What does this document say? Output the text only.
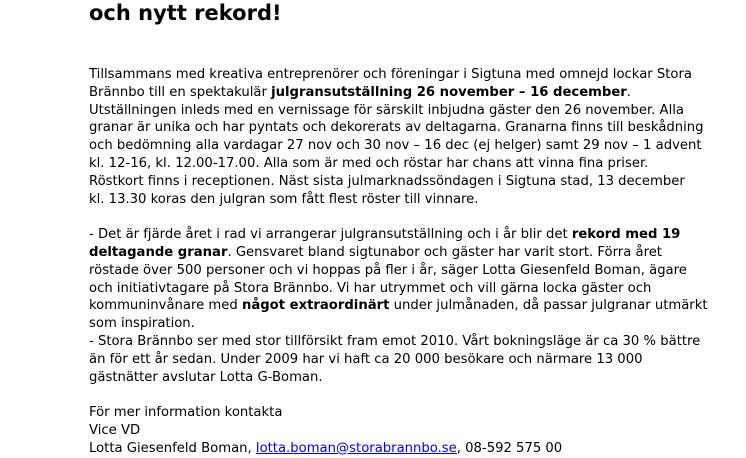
och nytt rekord!

Tillsammans med kreativa entreprenörer och föreningar i Sigtuna med omnejd lockar Stora
Brännbo till en spektakulär julgransutställning 26 november – 16 december.
Utställningen inleds med en vernissage för särskilt inbjudna gäster den 26 november. Alla
granar är unika och har pyntats och dekorerats av deltagarna. Granarna finns till beskådning
och bedömning alla vardagar 27 nov och 30 nov – 16 dec (ej helger) samt 29 nov – 1 advent
kl. 12-16, kl. 12.00-17.00. Alla som är med och röstar har chans att vinna fina priser.
Röstkort finns i receptionen. Näst sista julmarknadssöndagen i Sigtuna stad, 13 december
kl. 13.30 koras den julgran som fått flest röster till vinnare.

- Det är fjärde året i rad vi arrangerar julgransutställning och i år blir det rekord med 19
deltagande granar. Gensvaret bland sigtunabor och gäster har varit stort. Förra året
röstade över 500 personer och vi hoppas på fler i år, säger Lotta Giesenfeld Boman, ägare
och initiativtagare på Stora Brännbo. Vi har utrymmet och vill gärna locka gäster och
kommuninvånare med något extraordinärt under julmånaden, då passar julgranar utmärkt
som inspiration.
- Stora Brännbo ser med stor tillförsikt fram emot 2010. Vårt bokningsläge är ca 30 % bättre
än för ett år sedan. Under 2009 har vi haft ca 20 000 besökare och närmare 13 000
gästnätter avslutar Lotta G-Boman.

För mer information kontakta
Vice VD
Lotta Giesenfeld Boman, lotta.boman@storabrannbo.se, 08-592 575 00
